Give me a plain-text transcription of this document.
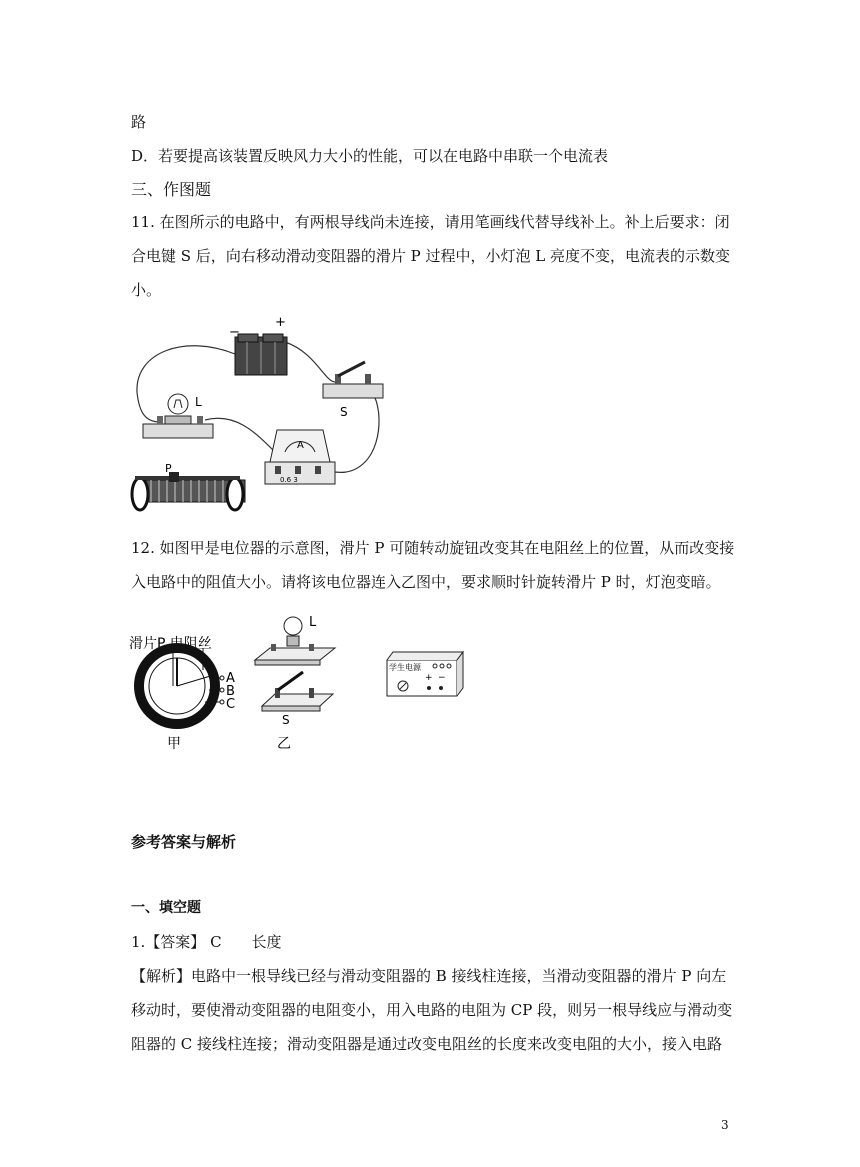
路
D．若要提高该装置反映风力大小的性能，可以在电路中串联一个电流表
三、作图题
11. 在图所示的电路中，有两根导线尚未连接，请用笔画线代替导线补上。补上后要求：闭
合电键 S 后，向右移动滑动变阻器的滑片 P 过程中，小灯泡 L 亮度不变，电流表的示数变
小。
−
+
L
S
A
0.6 3
P
12. 如图甲是电位器的示意图，滑片 P 可随转动旋钮改变其在电阻丝上的位置，从而改变接
入电路中的阻值大小。请将该电位器连入乙图中，要求顺时针旋转滑片 P 时，灯泡变暗。
滑片P 电阻丝
A
B
C
甲
L
S
乙
+ −
学生电源
参考答案与解析
一、填空题
1.【答案】 C　　长度
【解析】电路中一根导线已经与滑动变阻器的 B 接线柱连接，当滑动变阻器的滑片 P 向左
移动时，要使滑动变阻器的电阻变小，用入电路的电阻为 CP 段，则另一根导线应与滑动变
阻器的 C 接线柱连接；滑动变阻器是通过改变电阻丝的长度来改变电阻的大小，接入电路
3
